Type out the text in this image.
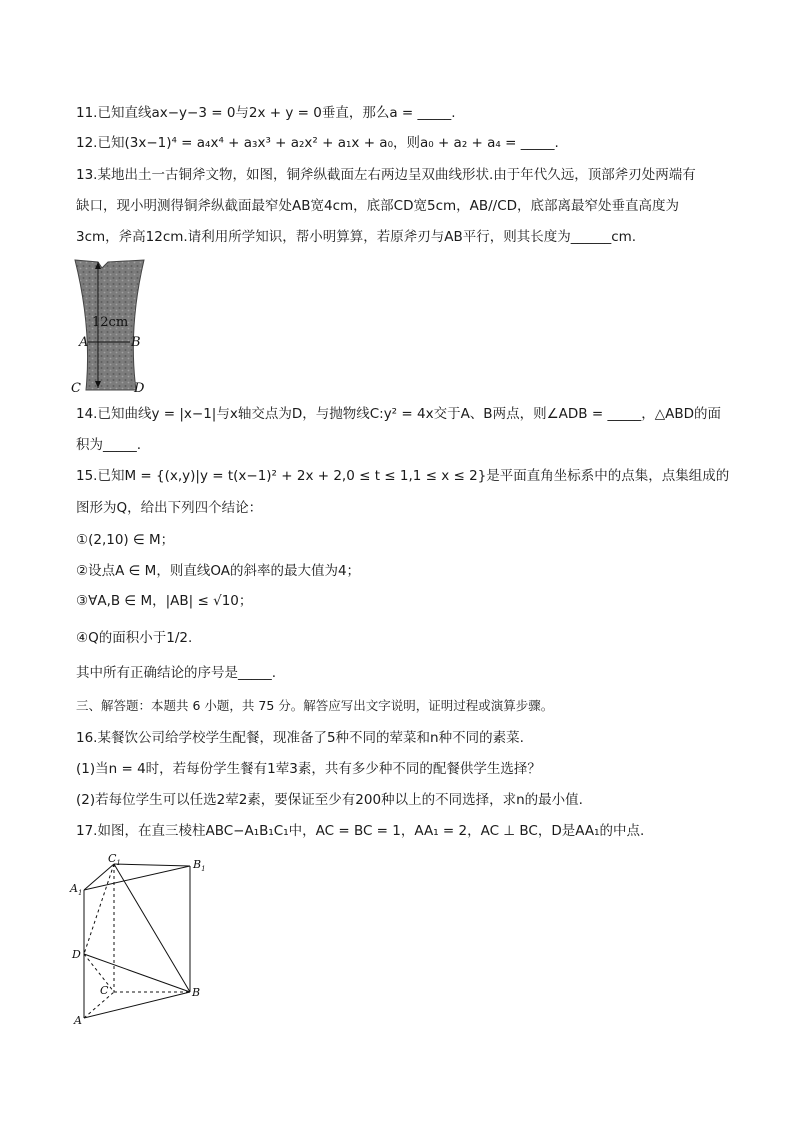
11.已知直线ax−y−3 = 0与2x + y = 0垂直，那么a = _____.
12.已知(3x−1)⁴ = a₄x⁴ + a₃x³ + a₂x² + a₁x + a₀，则a₀ + a₂ + a₄ = _____.
13.某地出土一古铜斧文物，如图，铜斧纵截面左右两边呈双曲线形状.由于年代久远，顶部斧刃处两端有
缺口，现小明测得铜斧纵截面最窄处AB宽4cm，底部CD宽5cm，AB//CD，底部离最窄处垂直高度为
3cm，斧高12cm.请利用所学知识，帮小明算算，若原斧刃与AB平行，则其长度为______cm.
12cm
A	B
C	D
14.已知曲线y = |x−1|与x轴交点为D，与抛物线C:y² = 4x交于A、B两点，则∠ADB = _____，△ABD的面
积为_____.
15.已知M = {(x,y)|y = t(x−1)² + 2x + 2,0 ≤ t ≤ 1,1 ≤ x ≤ 2}是平面直角坐标系中的点集，点集组成的
图形为Q，给出下列四个结论：
①(2,10) ∈ M；
②设点A ∈ M，则直线OA的斜率的最大值为4；
③∀A,B ∈ M，|AB| ≤ √10；
④Q的面积小于1/2.
其中所有正确结论的序号是_____.
三、解答题：本题共 6 小题，共 75 分。解答应写出文字说明，证明过程或演算步骤。
16.某餐饮公司给学校学生配餐，现准备了5种不同的荤菜和n种不同的素菜.
(1)当n = 4时，若每份学生餐有1荤3素，共有多少种不同的配餐供学生选择？
(2)若每位学生可以任选2荤2素，要保证至少有200种以上的不同选择，求n的最小值.
17.如图，在直三棱柱ABC−A₁B₁C₁中，AC = BC = 1，AA₁ = 2，AC ⊥ BC，D是AA₁的中点.
$C_1$	$B_1$
$A_1$
D
C	B
A
